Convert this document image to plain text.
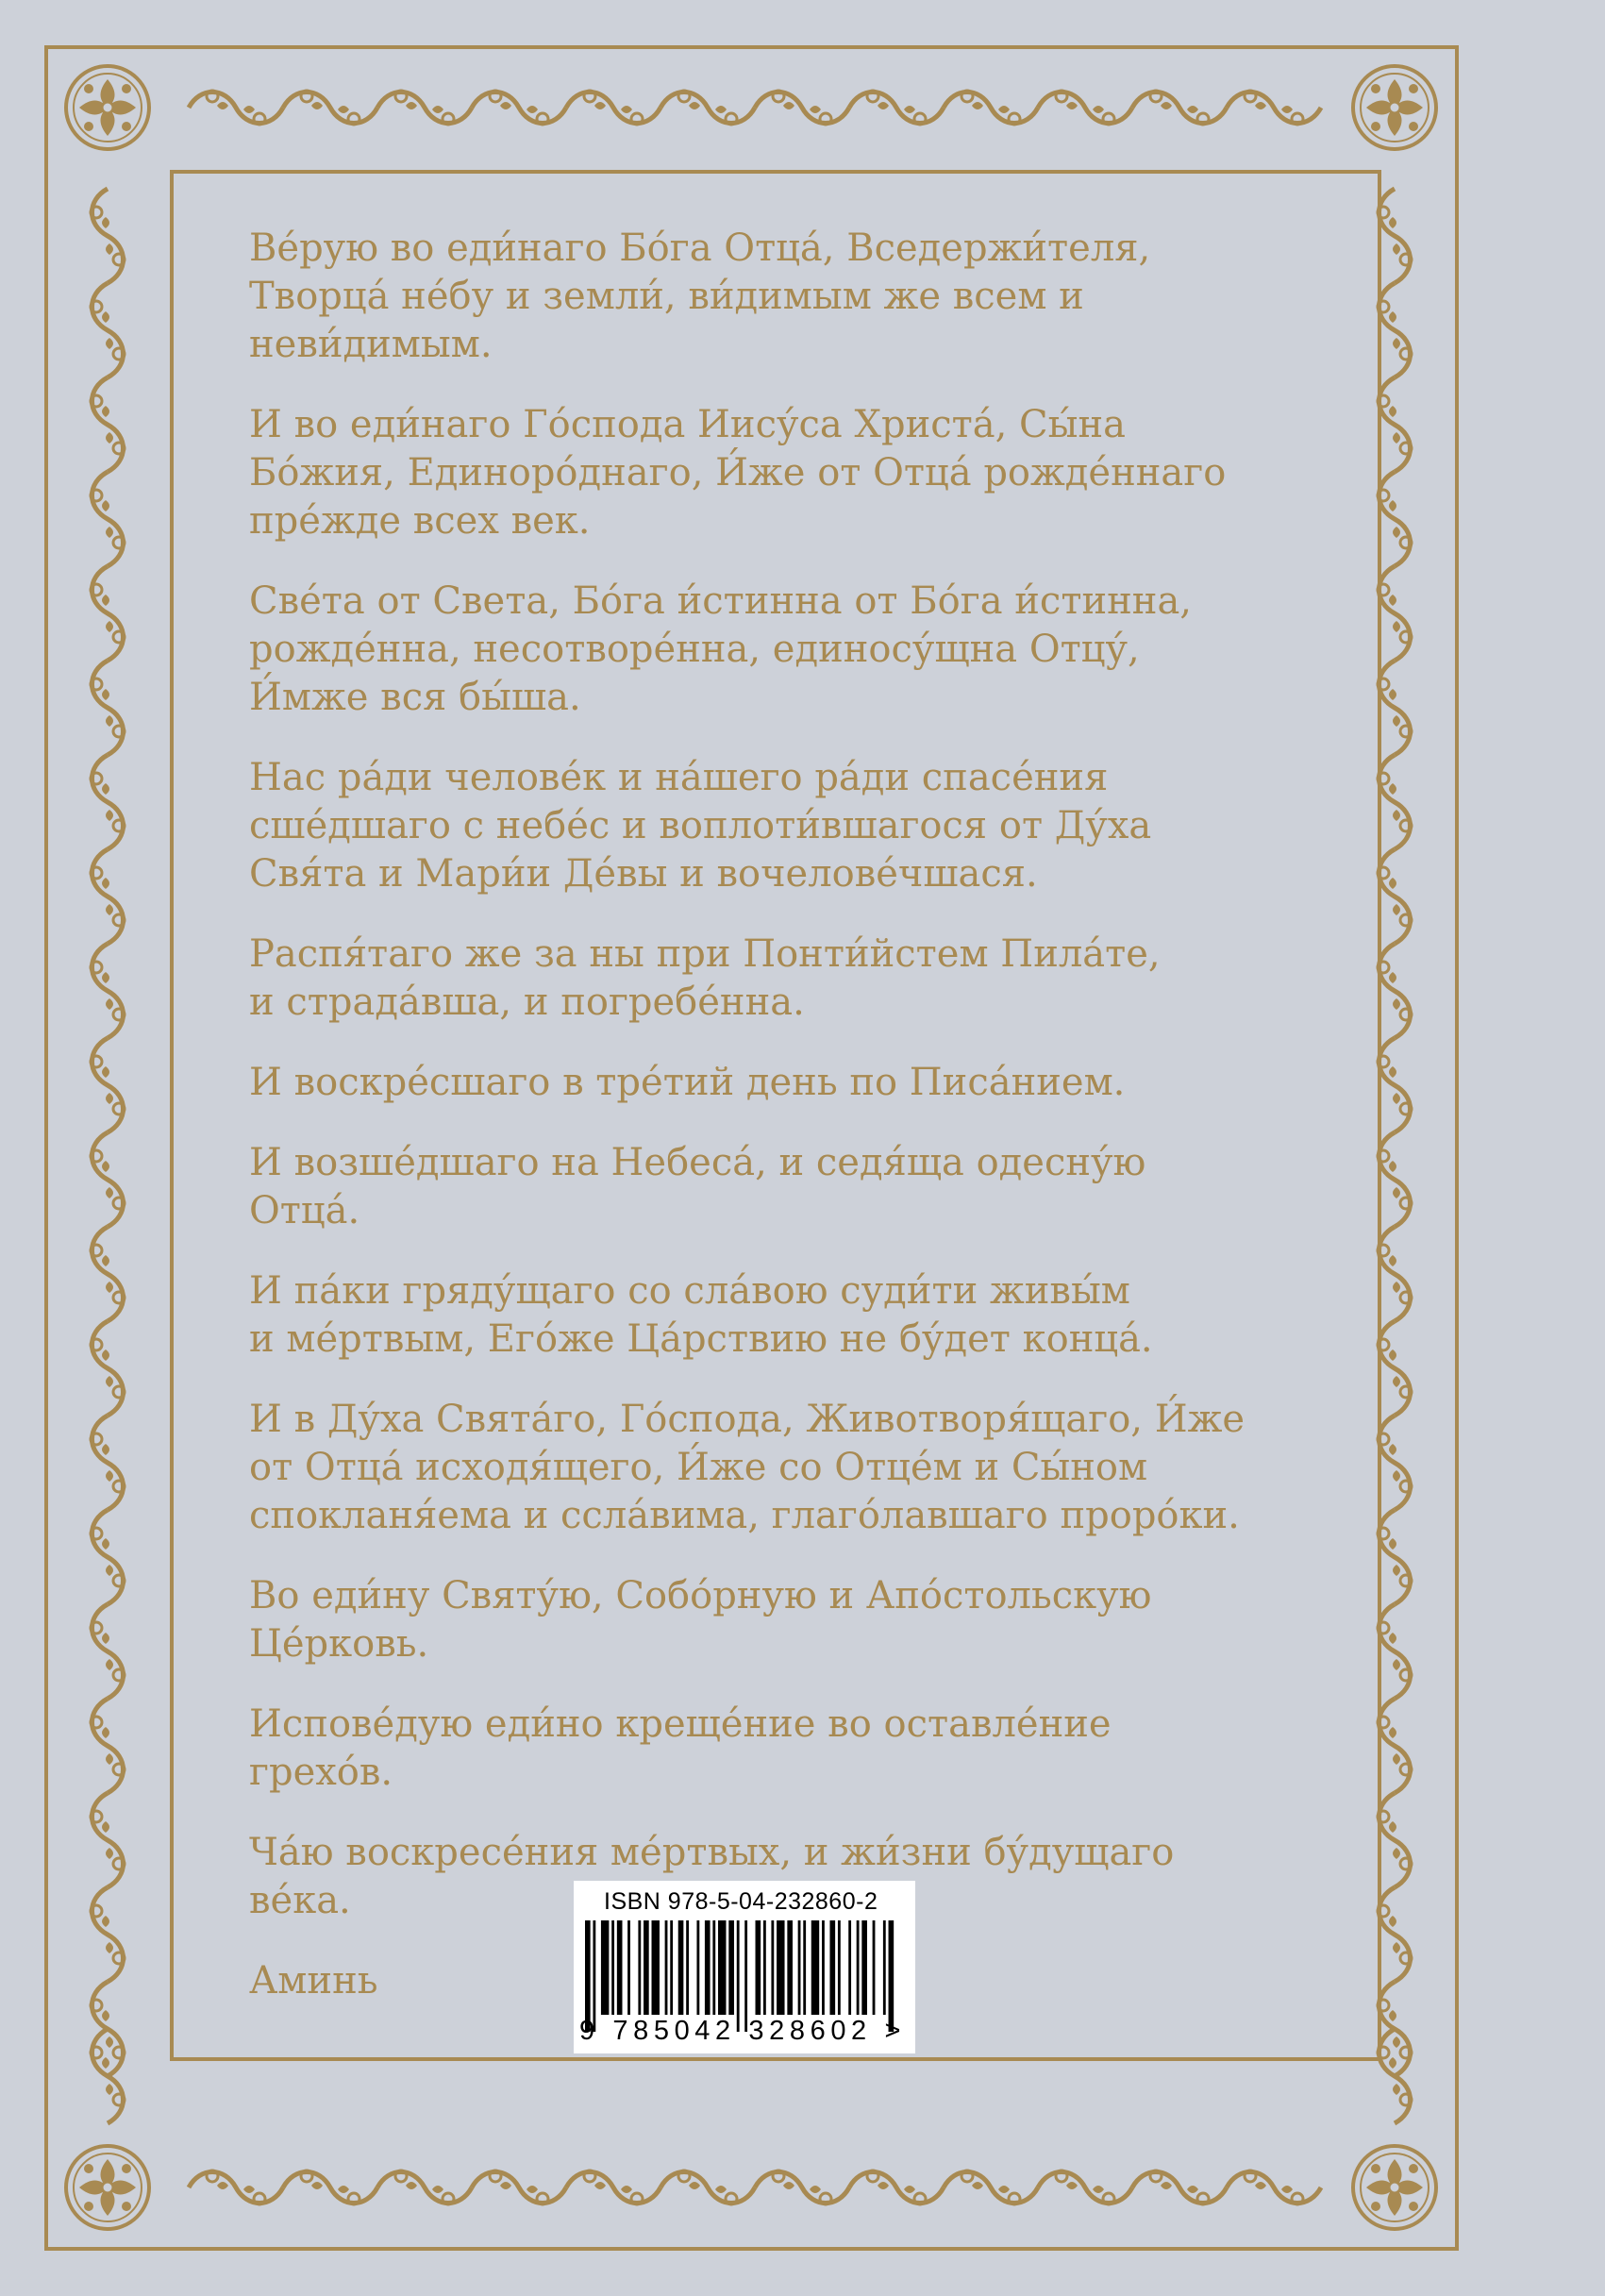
Ве́рую во еди́наго Бо́га Отца́, Вседержи́теля,
Творца́ не́бу и земли́, ви́димым же всем и
неви́димым.

И во еди́наго Го́спода Иису́са Христа́, Сы́на
Бо́жия, Единоро́днаго, И́же от Отца́ рожде́ннаго
пре́жде всех век.

Све́та от Света, Бо́га и́стинна от Бо́га и́стинна,
рожде́нна, несотворе́нна, единосу́щна Отцу́,
И́мже вся бы́ша.

Нас ра́ди челове́к и на́шего ра́ди спасе́ния
сше́дшаго с небе́с и воплоти́вшагося от Ду́ха
Свя́та и Мари́и Де́вы и вочелове́чшася.

Распя́таго же за ны при Понти́йстем Пила́те,
и страда́вша, и погребе́нна.

И воскре́сшаго в тре́тий день по Писа́нием.

И возше́дшаго на Небеса́, и седя́ща одесну́ю
Отца́.

И па́ки гряду́щаго со сла́вою суди́ти живы́м
и ме́ртвым, Его́же Ца́рствию не бу́дет конца́.

И в Ду́ха Свята́го, Го́спода, Животворя́щаго, И́же
от Отца́ исходя́щего, И́же со Отце́м и Сы́ном
спокланя́ема и ссла́вима, глаго́лавшаго проро́ки.

Во еди́ну Святу́ю, Собо́рную и Апо́стольскую
Це́рковь.

Испове́дую еди́но креще́ние во оставле́ние
грехо́в.

Ча́ю воскресе́ния ме́ртвых, и жи́зни бу́дущаго
ве́ка.

Аминь

ISBN 978-5-04-232860-2
9 785042 328602 >
